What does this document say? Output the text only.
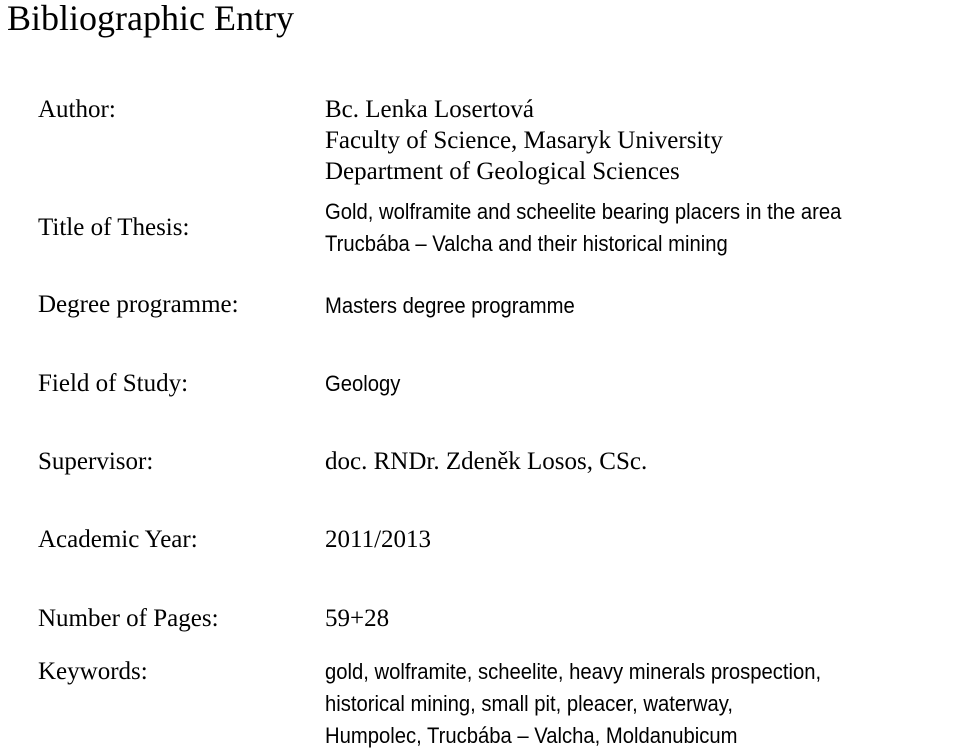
Bibliographic Entry
Author:	Bc. Lenka Losertová
Faculty of Science, Masaryk University
Department of Geological Sciences
Title of Thesis:
Gold, wolframite and scheelite bearing placers in the area
Trucbába – Valcha and their historical mining
Degree programme:	Masters degree programme
Field of Study:	Geology
Supervisor:	doc. RNDr. Zdeněk Losos, CSc.
Academic Year:	2011/2013
Number of Pages:	59+28
Keywords:	gold, wolframite, scheelite, heavy minerals prospection,
historical mining, small pit, pleacer, waterway,
Humpolec, Trucbába – Valcha, Moldanubicum
